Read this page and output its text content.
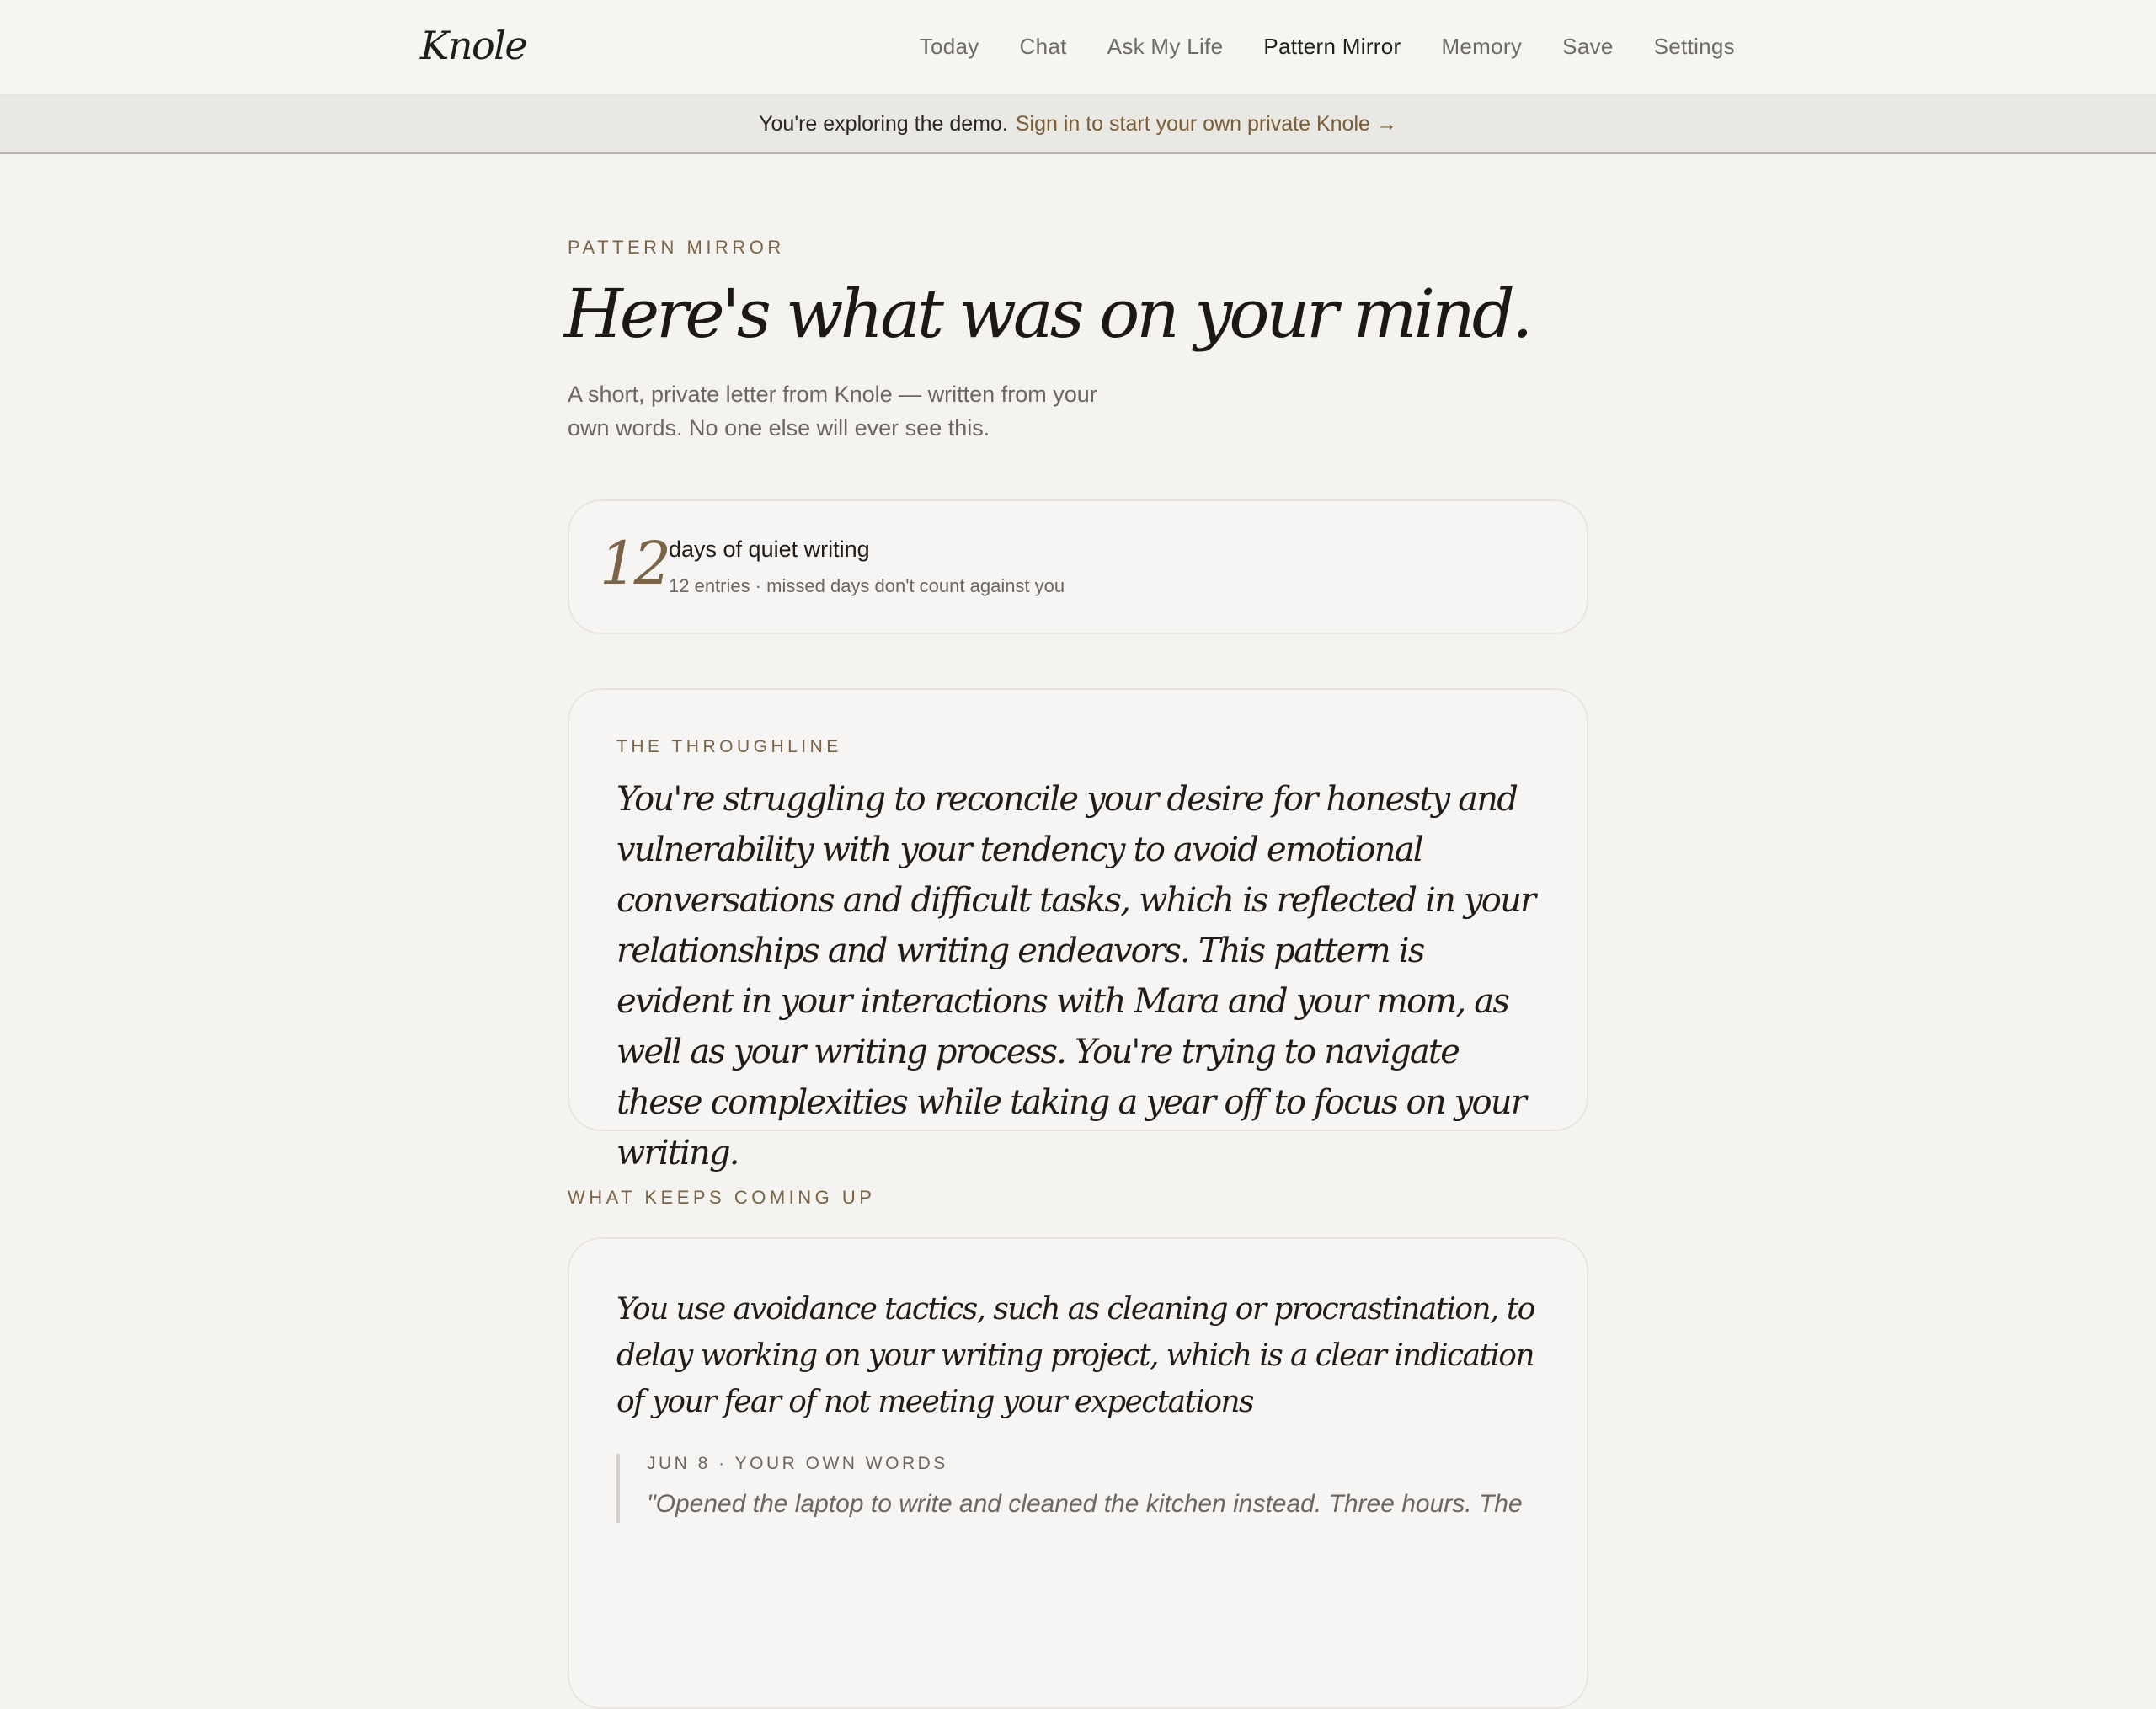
Knole	Today Chat Ask My Life Pattern Mirror Memory Save Settings
You're exploring the demo. Sign in to start your own private Knole →
PATTERN MIRROR
Here's what was on your mind.

A short, private letter from Knole — written from your own words. No one else will ever see this.

12 days of quiet writing
12 entries · missed days don't count against you
THE THROUGHLINE

You're struggling to reconcile your desire for honesty and vulnerability with your tendency to avoid emotional conversations and difficult tasks, which is reflected in your relationships and writing endeavors. This pattern is evident in your interactions with Mara and your mom, as well as your writing process. You're trying to navigate these complexities while taking a year off to focus on your writing.

WHAT KEEPS COMING UP

You use avoidance tactics, such as cleaning or procrastination, to delay working on your writing project, which is a clear indication of your fear of not meeting your expectations

JUN 8 · YOUR OWN WORDS
"Opened the laptop to write and cleaned the kitchen instead. Three hours. The
